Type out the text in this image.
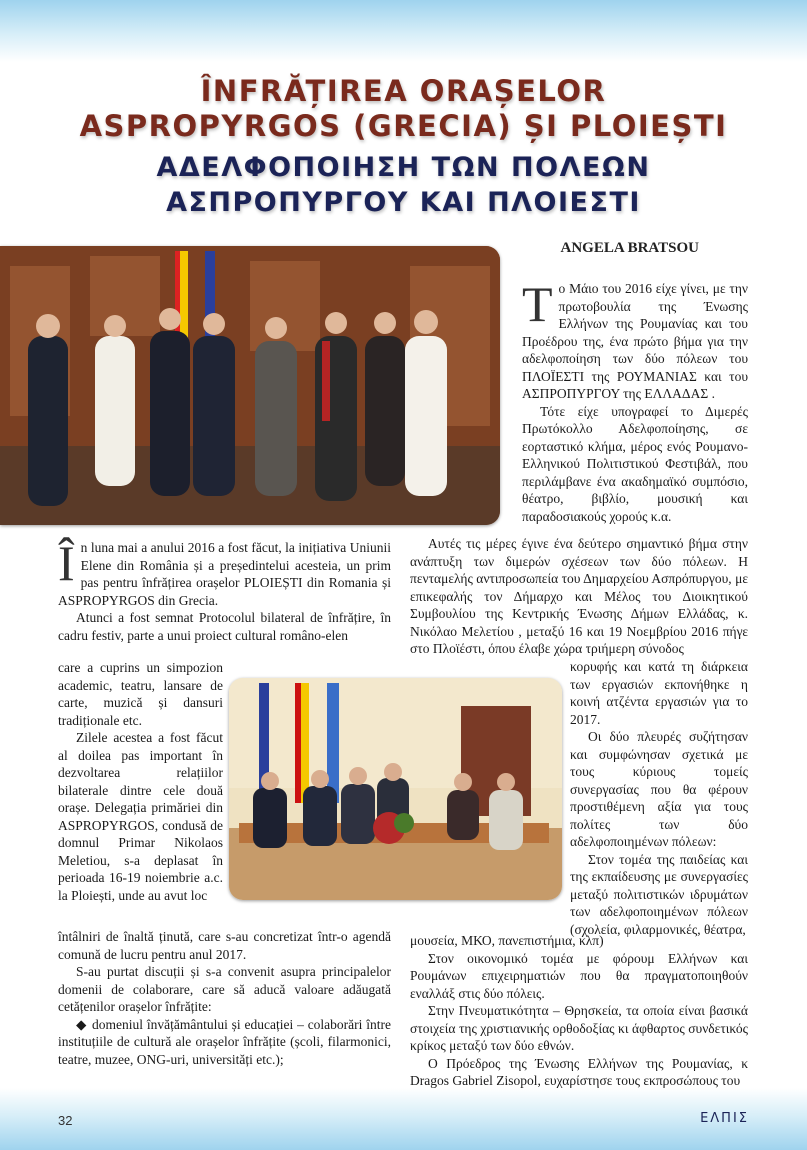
ÎNFRĂȚIREA ORAȘELOR
ASPROPYRGOS (GRECIA) ȘI PLOIEȘTI
ΑΔΕΛΦΟΠΟΙΗΣΗ ΤΩΝ ΠΟΛΕΩΝ
ΑΣΠΡΟΠΥΡΓΟΥ ΚΑΙ ΠΛΟΙΕΣΤΙ
ANGELA BRATSOU

Το Μάιο του 2016 είχε γίνει, με την πρωτοβουλία της Ένωσης Ελλήνων της Ρουμανίας και του Προέδρου της, ένα πρώτο βήμα για την αδελφοποίηση των δύο πόλεων του ΠΛΟΪΕΣΤΙ της ΡΟΥΜΑΝΙΑΣ και του ΑΣΠΡΟΠΥΡΓΟΥ της ΕΛΛΑΔΑΣ .

Τότε είχε υπογραφεί το Διμερές Πρωτόκολλο Αδελφοποίησης, σε εορταστικό κλήμα, μέρος ενός Ρουμανο-Ελληνικού Πολιτιστικού Φεστιβάλ, που περιλάμβανε ένα ακαδημαϊκό συμπόσιο, θέατρο, βιβλίο, μουσική και παραδοσιακούς χορούς κ.α.

Αυτές τις μέρες έγινε ένα δεύτερο σημαντικό βήμα στην ανάπτυξη των διμερών σχέσεων των δύο πόλεων. Η πενταμελής αντιπροσωπεία του Δημαρχείου Ασπρόπυργου, με επικεφαλής τον Δήμαρχο και Μέλος του Διοικητικού Συμβουλίου της Κεντρικής Ένωσης Δήμων Ελλάδας, κ. Νικόλαο Μελετίου , μεταξύ 16 και 19 Νοεμβρίου 2016 πήγε στο Πλοϊέστι, όπου έλαβε χώρα τριήμερη σύνοδος

κορυφής και κατά τη διάρκεια των εργασιών εκπονήθηκε η κοινή ατζέντα εργασιών για το 2017.

Οι δύο πλευρές συζήτησαν και συμφώνησαν σχετικά με τους κύριους τομείς συνεργασίας που θα φέρουν προστιθέμενη αξία για τους πολίτες των δύο αδελφοποιημένων πόλεων:

Στον τομέα της παιδείας και της εκπαίδευσης με συνεργασίες μεταξύ πολιτιστικών ιδρυμάτων των αδελφοποιημένων πόλεων (σχολεία, φιλαρμονικές, θέατρα,

μουσεία, ΜΚΟ, πανεπιστήμια, κλπ)

Στον οικονομικό τομέα με φόρουμ Ελλήνων και Ρουμάνων επιχειρηματιών που θα πραγματοποιηθούν εναλλάξ στις δύο πόλεις.

Στην Πνευματικότητα – Θρησκεία, τα οποία είναι βασικά στοιχεία της χριστιανικής ορθοδοξίας κι άφθαρτος συνδετικός κρίκος μεταξύ των δύο εθνών.

Ο Πρόεδρος της Ένωσης Ελλήνων της Ρουμανίας, κ Dragos Gabriel Zisopol, ευχαρίστησε τους εκπροσώπους του

În luna mai a anului 2016 a fost făcut, la inițiativa Uniunii Elene din România și a președintelui acesteia, un prim pas pentru înfrățirea orașelor PLOIEȘTI din Romania și ASPROPYRGOS din Grecia.

Atunci a fost semnat Protocolul bilateral de înfrățire, în cadru festiv, parte a unui proiect cultural româno-elen

care a cuprins un simpozion academic, teatru, lansare de carte, muzică și dansuri tradiționale etc.

Zilele acestea a fost făcut al doilea pas important în dezvoltarea relațiilor bilaterale dintre cele două orașe. Delegația primăriei din ASPROPYRGOS, condusă de domnul Primar Nikolaos Meletiou, s-a deplasat în perioada 16-19 noiembrie a.c. la Ploiești, unde au avut loc

întâlniri de înaltă ținută, care s-au concretizat într-o agendă comună de lucru pentru anul 2017.

S-au purtat discuții și s-a convenit asupra principalelor domenii de colaborare, care să aducă valoare adăugată cetățenilor orașelor înfrățite:

◆ domeniul învățământului și educației – colaborări între instituțiile de cultură ale orașelor înfrățite (școli, filarmonici, teatre, muzee, ONG-uri, universități etc.);

32	ΕΛΠΙΣ
